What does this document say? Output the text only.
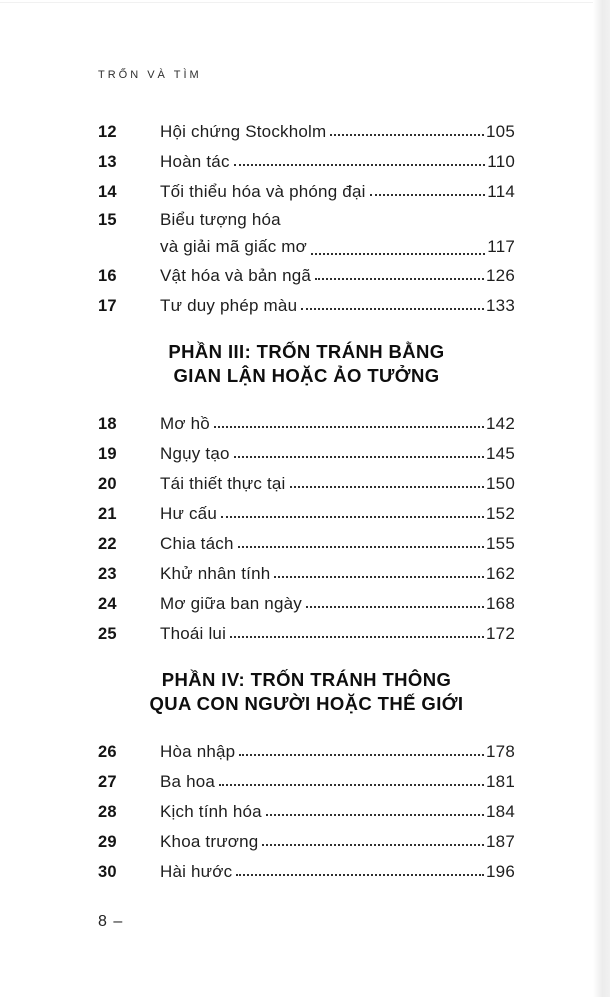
TRỐN VÀ TÌM
12	Hội chứng Stockholm	105
13	Hoàn tác	110
14	Tối thiểu hóa và phóng đại	114
15	Biểu tượng hóa
và giải mã giấc mơ	117
16	Vật hóa và bản ngã	126
17	Tư duy phép màu	133
PHẦN III: TRỐN TRÁNH BẰNG
GIAN LẬN HOẶC ẢO TƯỞNG
18	Mơ hồ	142
19	Ngụy tạo	145
20	Tái thiết thực tại	150
21	Hư cấu	152
22	Chia tách	155
23	Khử nhân tính	162
24	Mơ giữa ban ngày	168
25	Thoái lui	172
PHẦN IV: TRỐN TRÁNH THÔNG
QUA CON NGƯỜI HOẶC THẾ GIỚI
26	Hòa nhập	178
27	Ba hoa	181
28	Kịch tính hóa	184
29	Khoa trương	187
30	Hài hước	196
8 –
